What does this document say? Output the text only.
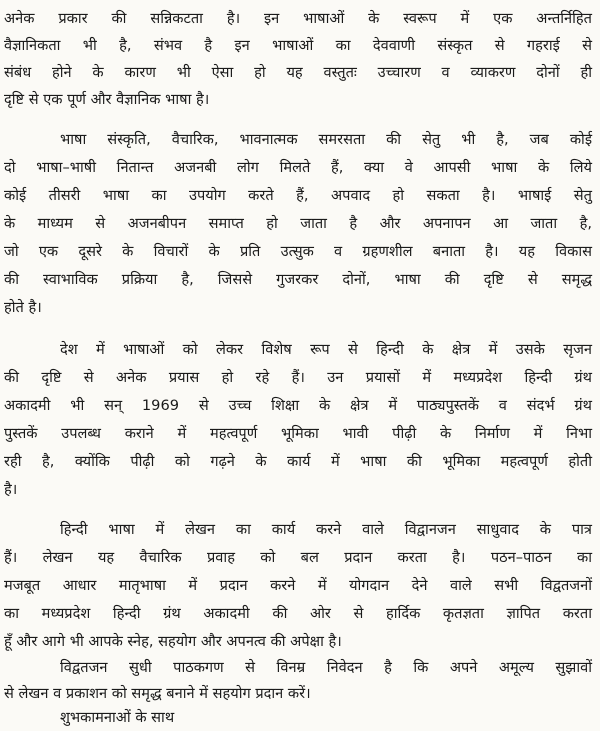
अनेक प्रकार की सन्निकटता है। इन भाषाओं के स्वरूप में एक अन्तर्निहित
वैज्ञानिकता भी है, संभव है इन भाषाओं का देववाणी संस्कृत से गहराई से
संबंध होने के कारण भी ऐसा हो यह वस्तुतः उच्चारण व व्याकरण दोनों ही
दृष्टि से एक पूर्ण और वैज्ञानिक भाषा है।
भाषा संस्कृति, वैचारिक, भावनात्मक समरसता की सेतु भी है, जब कोई
दो भाषा–भाषी नितान्त अजनबी लोग मिलते हैं, क्या वे आपसी भाषा के लिये
कोई तीसरी भाषा का उपयोग करते हैं, अपवाद हो सकता है। भाषाई सेतु
के माध्यम से अजनबीपन समाप्त हो जाता है और अपनापन आ जाता है,
जो एक दूसरे के विचारों के प्रति उत्सुक व ग्रहणशील बनाता है। यह विकास
की स्वाभाविक प्रक्रिया है, जिससे गुजरकर दोनों, भाषा की दृष्टि से समृद्ध
होते है।
देश में भाषाओं को लेकर विशेष रूप से हिन्दी के क्षेत्र में उसके सृजन
की दृष्टि से अनेक प्रयास हो रहे हैं। उन प्रयासों में मध्यप्रदेश हिन्दी ग्रंथ
अकादमी भी सन् 1969 से उच्च शिक्षा के क्षेत्र में पाठ्यपुस्तकें व संदर्भ ग्रंथ
पुस्तकें उपलब्ध कराने में महत्वपूर्ण भूमिका भावी पीढ़ी के निर्माण में निभा
रही है, क्योंकि पीढ़ी को गढ़ने के कार्य में भाषा की भूमिका महत्वपूर्ण होती
है।
हिन्दी भाषा में लेखन का कार्य करने वाले विद्वानजन साधुवाद के पात्र
हैं। लेखन यह वैचारिक प्रवाह को बल प्रदान करता है। पठन–पाठन का
मजबूत आधार मातृभाषा में प्रदान करने में योगदान देने वाले सभी विद्वतजनों
का मध्यप्रदेश हिन्दी ग्रंथ अकादमी की ओर से हार्दिक कृतज्ञता ज्ञापित करता
हूँ और आगे भी आपके स्नेह, सहयोग और अपनत्व की अपेक्षा है।
विद्वतजन सुधी पाठकगण से विनम्र निवेदन है कि अपने अमूल्य सुझावों
से लेखन व प्रकाशन को समृद्ध बनाने में सहयोग प्रदान करें।
शुभकामनाओं के साथ
